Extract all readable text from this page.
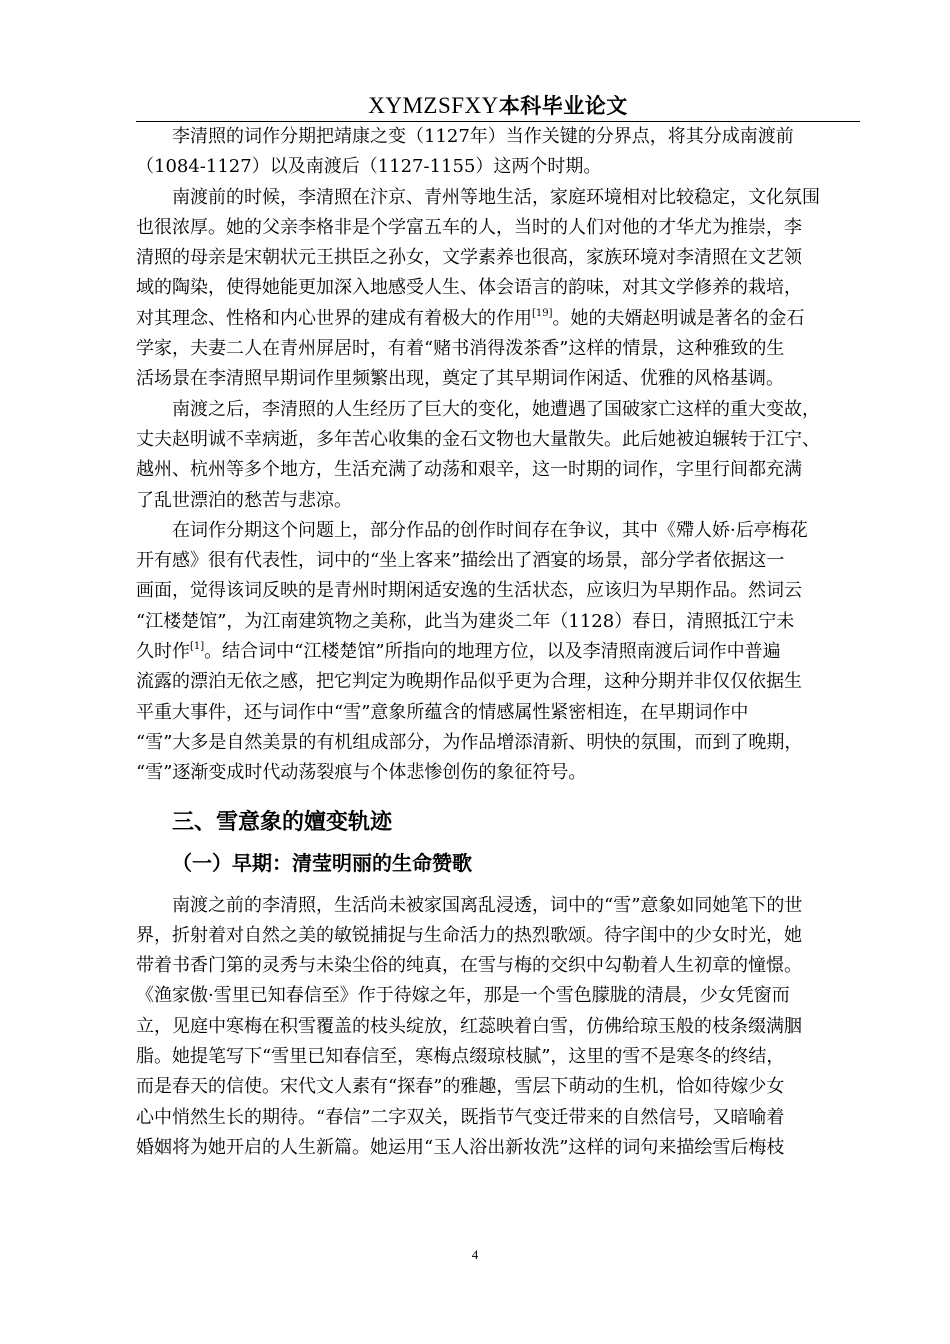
XYMZSFXY本科毕业论文

李清照的词作分期把靖康之变（1127年）当作关键的分界点，将其分成南渡前
（1084-1127）以及南渡后（1127-1155）这两个时期。

南渡前的时候，李清照在汴京、青州等地生活，家庭环境相对比较稳定，文化氛围
也很浓厚。她的父亲李格非是个学富五车的人，当时的人们对他的才华尤为推崇，李
清照的母亲是宋朝状元王拱臣之孙女，文学素养也很高，家族环境对李清照在文艺领
域的陶染，使得她能更加深入地感受人生、体会语言的韵味，对其文学修养的栽培，
对其理念、性格和内心世界的建成有着极大的作用[19]。她的夫婿赵明诚是著名的金石
学家，夫妻二人在青州屏居时，有着“赌书消得泼茶香”这样的情景，这种雅致的生
活场景在李清照早期词作里频繁出现，奠定了其早期词作闲适、优雅的风格基调。

南渡之后，李清照的人生经历了巨大的变化，她遭遇了国破家亡这样的重大变故，
丈夫赵明诚不幸病逝，多年苦心收集的金石文物也大量散失。此后她被迫辗转于江宁、
越州、杭州等多个地方，生活充满了动荡和艰辛，这一时期的词作，字里行间都充满
了乱世漂泊的愁苦与悲凉。

在词作分期这个问题上，部分作品的创作时间存在争议，其中《殢人娇·后亭梅花
开有感》很有代表性，词中的“坐上客来”描绘出了酒宴的场景，部分学者依据这一
画面，觉得该词反映的是青州时期闲适安逸的生活状态，应该归为早期作品。然词云
“江楼楚馆”，为江南建筑物之美称，此当为建炎二年（1128）春日，清照抵江宁未
久时作[1]。结合词中“江楼楚馆”所指向的地理方位，以及李清照南渡后词作中普遍
流露的漂泊无依之感，把它判定为晚期作品似乎更为合理，这种分期并非仅仅依据生
平重大事件，还与词作中“雪”意象所蕴含的情感属性紧密相连，在早期词作中
“雪”大多是自然美景的有机组成部分，为作品增添清新、明快的氛围，而到了晚期，
“雪”逐渐变成时代动荡裂痕与个体悲惨创伤的象征符号。

三、雪意象的嬗变轨迹
（一）早期：清莹明丽的生命赞歌

南渡之前的李清照，生活尚未被家国离乱浸透，词中的“雪”意象如同她笔下的世
界，折射着对自然之美的敏锐捕捉与生命活力的热烈歌颂。待字闺中的少女时光，她
带着书香门第的灵秀与未染尘俗的纯真，在雪与梅的交织中勾勒着人生初章的憧憬。
《渔家傲·雪里已知春信至》作于待嫁之年，那是一个雪色朦胧的清晨，少女凭窗而
立，见庭中寒梅在积雪覆盖的枝头绽放，红蕊映着白雪，仿佛给琼玉般的枝条缀满胭
脂。她提笔写下“雪里已知春信至，寒梅点缀琼枝腻”，这里的雪不是寒冬的终结，
而是春天的信使。宋代文人素有“探春”的雅趣，雪层下萌动的生机，恰如待嫁少女
心中悄然生长的期待。“春信”二字双关，既指节气变迁带来的自然信号，又暗喻着
婚姻将为她开启的人生新篇。她运用“玉人浴出新妆洗”这样的词句来描绘雪后梅枝

4
